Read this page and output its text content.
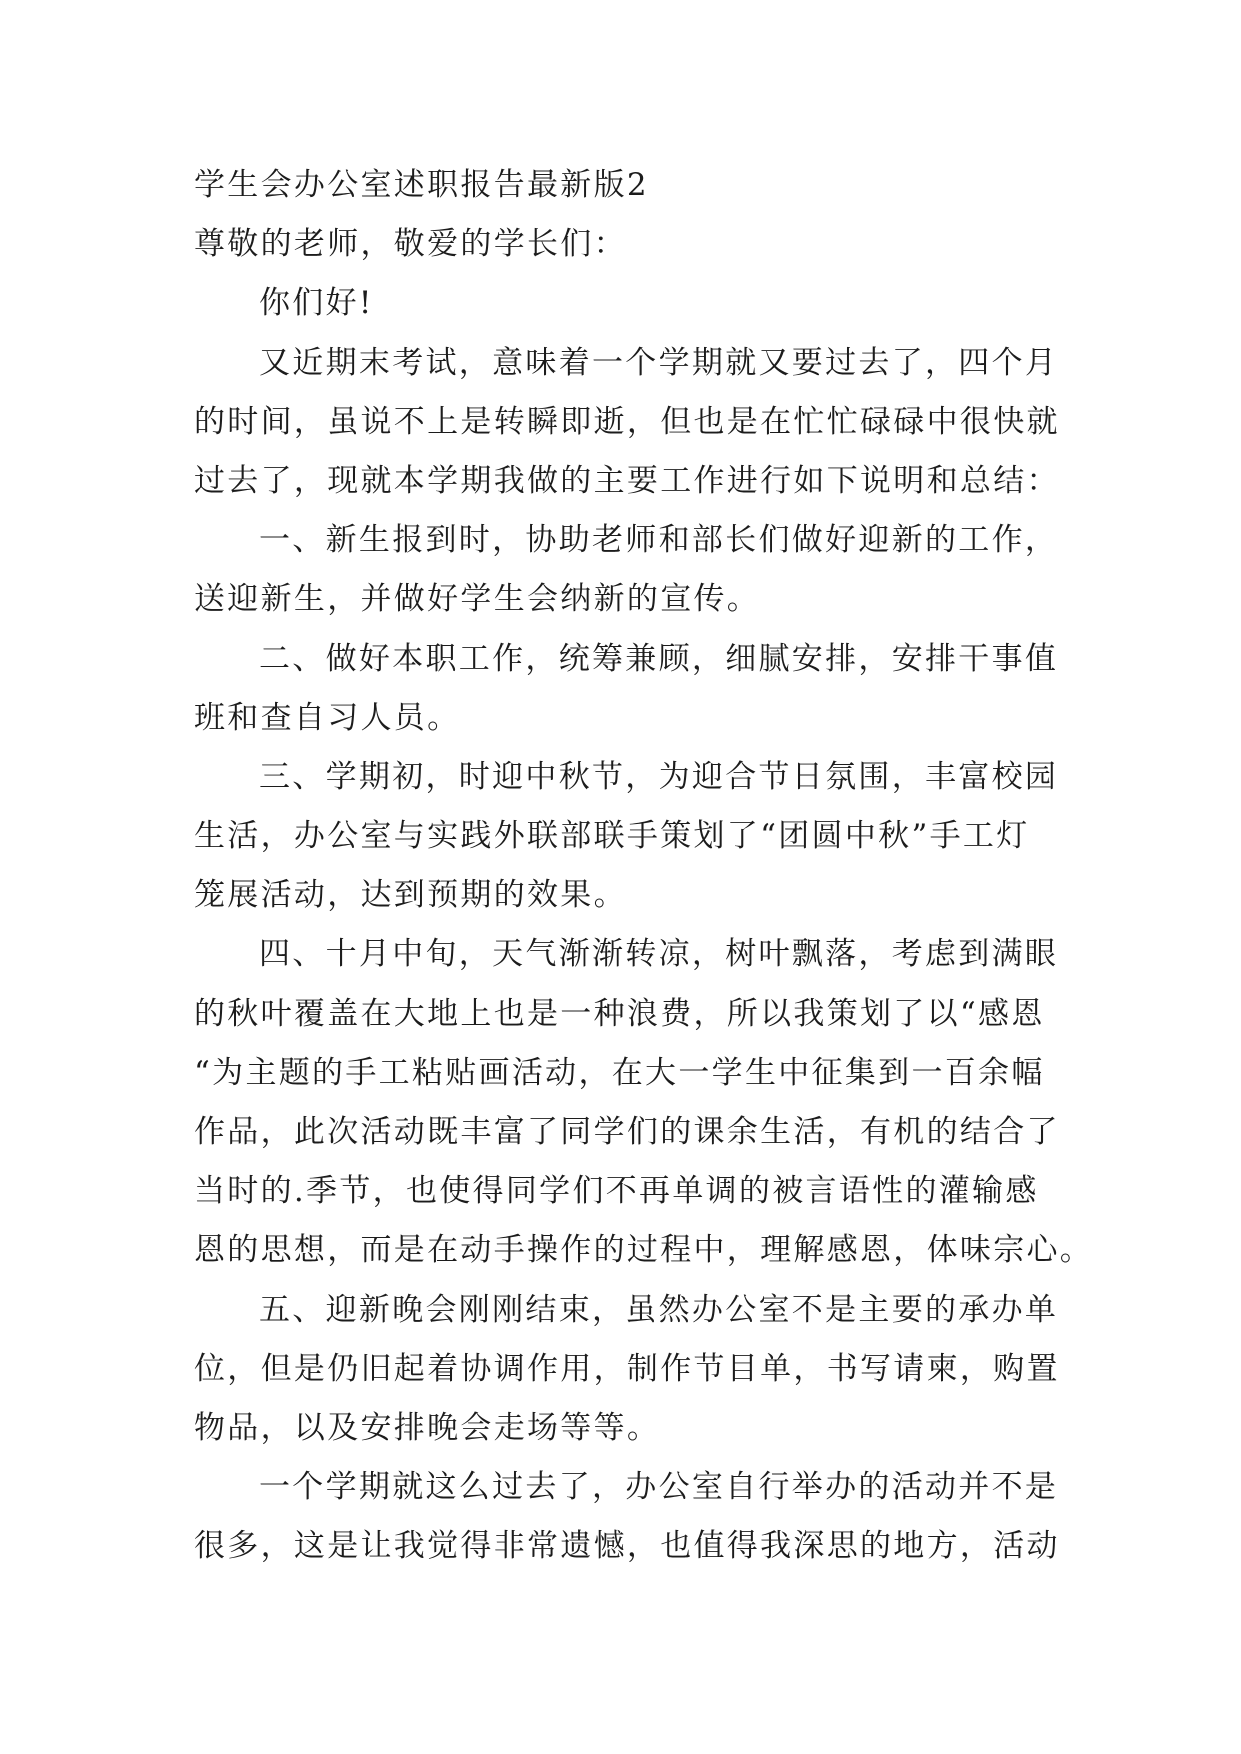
学生会办公室述职报告最新版2
尊敬的老师，敬爱的学长们：
你们好!
又近期末考试，意味着一个学期就又要过去了，四个月
的时间，虽说不上是转瞬即逝，但也是在忙忙碌碌中很快就
过去了，现就本学期我做的主要工作进行如下说明和总结：
一、新生报到时，协助老师和部长们做好迎新的工作，
送迎新生，并做好学生会纳新的宣传。
二、做好本职工作，统筹兼顾，细腻安排，安排干事值
班和查自习人员。
三、学期初，时迎中秋节，为迎合节日氛围，丰富校园
生活，办公室与实践外联部联手策划了“团圆中秋”手工灯
笼展活动，达到预期的效果。
四、十月中旬，天气渐渐转凉，树叶飘落，考虑到满眼
的秋叶覆盖在大地上也是一种浪费，所以我策划了以“感恩
“为主题的手工粘贴画活动，在大一学生中征集到一百余幅
作品，此次活动既丰富了同学们的课余生活，有机的结合了
当时的.季节，也使得同学们不再单调的被言语性的灌输感
恩的思想，而是在动手操作的过程中，理解感恩，体味宗心。
五、迎新晚会刚刚结束，虽然办公室不是主要的承办单
位，但是仍旧起着协调作用，制作节目单，书写请柬，购置
物品，以及安排晚会走场等等。
一个学期就这么过去了，办公室自行举办的活动并不是
很多，这是让我觉得非常遗憾，也值得我深思的地方，活动
